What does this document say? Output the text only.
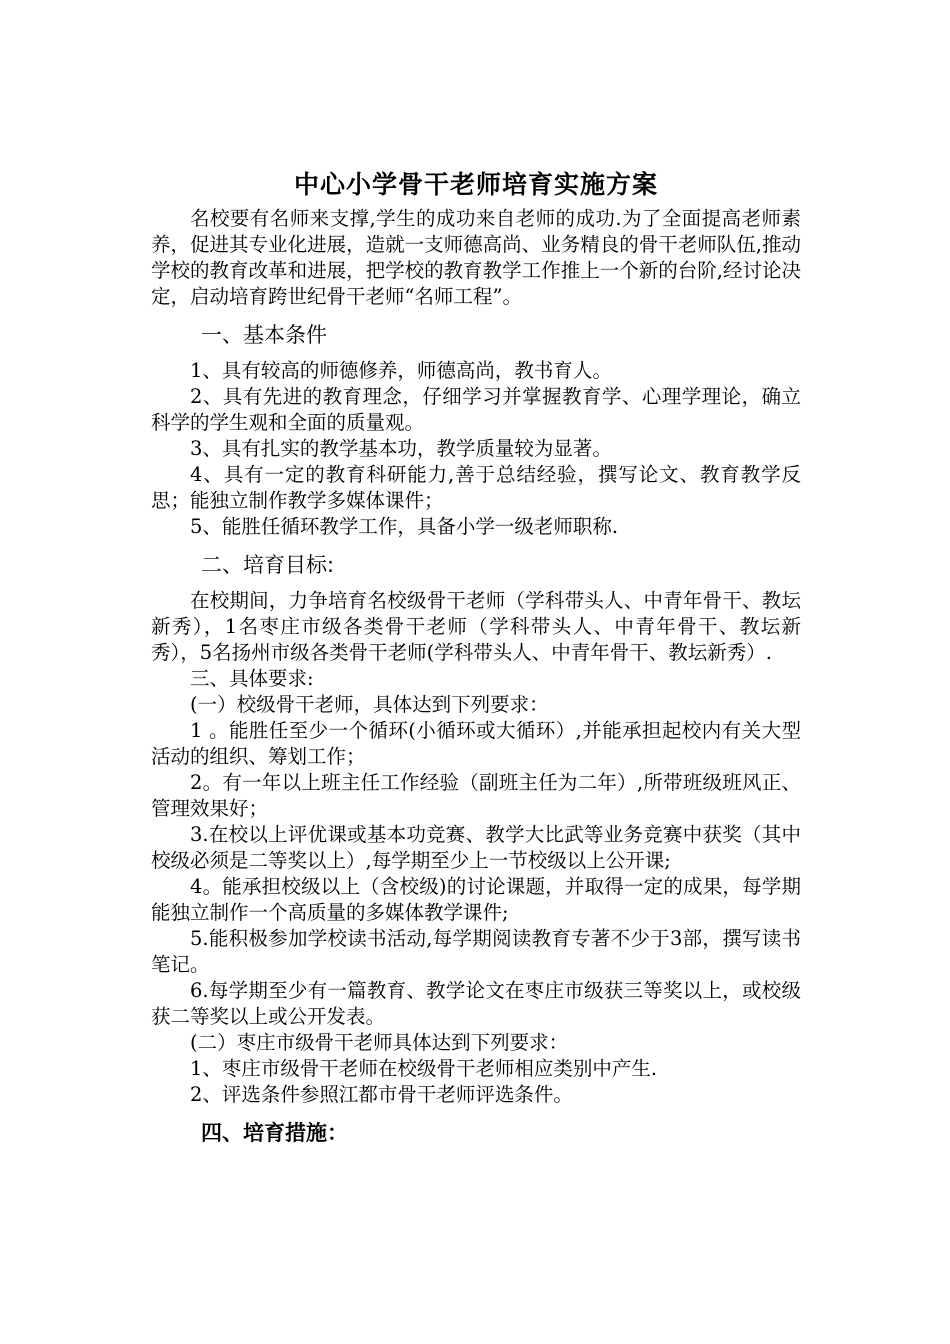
中心小学骨干老师培育实施方案

名校要有名师来支撑,学生的成功来自老师的成功.为了全面提高老师素养，促进其专业化进展，造就一支师德高尚、业务精良的骨干老师队伍,推动学校的教育改革和进展，把学校的教育教学工作推上一个新的台阶,经讨论决定，启动培育跨世纪骨干老师“名师工程”。

一、基本条件

1、具有较高的师德修养，师德高尚，教书育人。

2、具有先进的教育理念，仔细学习并掌握教育学、心理学理论，确立科学的学生观和全面的质量观。

3、具有扎实的教学基本功，教学质量较为显著。

4、具有一定的教育科研能力,善于总结经验，撰写论文、教育教学反思；能独立制作教学多媒体课件；

5、能胜任循环教学工作，具备小学一级老师职称.

二、培育目标:

在校期间，力争培育名校级骨干老师（学科带头人、中青年骨干、教坛新秀），1名枣庄市级各类骨干老师（学科带头人、中青年骨干、教坛新秀），5名扬州市级各类骨干老师(学科带头人、中青年骨干、教坛新秀）.

三、具体要求:

(一）校级骨干老师，具体达到下列要求：

1 。能胜任至少一个循环(小循环或大循环）,并能承担起校内有关大型活动的组织、筹划工作；

2。有一年以上班主任工作经验（副班主任为二年）,所带班级班风正、管理效果好；

3.在校以上评优课或基本功竞赛、教学大比武等业务竞赛中获奖（其中校级必须是二等奖以上）,每学期至少上一节校级以上公开课;

4。能承担校级以上（含校级)的讨论课题，并取得一定的成果，每学期能独立制作一个高质量的多媒体教学课件;

5.能积极参加学校读书活动,每学期阅读教育专著不少于3部，撰写读书笔记。

6.每学期至少有一篇教育、教学论文在枣庄市级获三等奖以上，或校级获二等奖以上或公开发表。

(二）枣庄市级骨干老师具体达到下列要求：

1、枣庄市级骨干老师在校级骨干老师相应类别中产生.

2、评选条件参照江都市骨干老师评选条件。

四、培育措施：
